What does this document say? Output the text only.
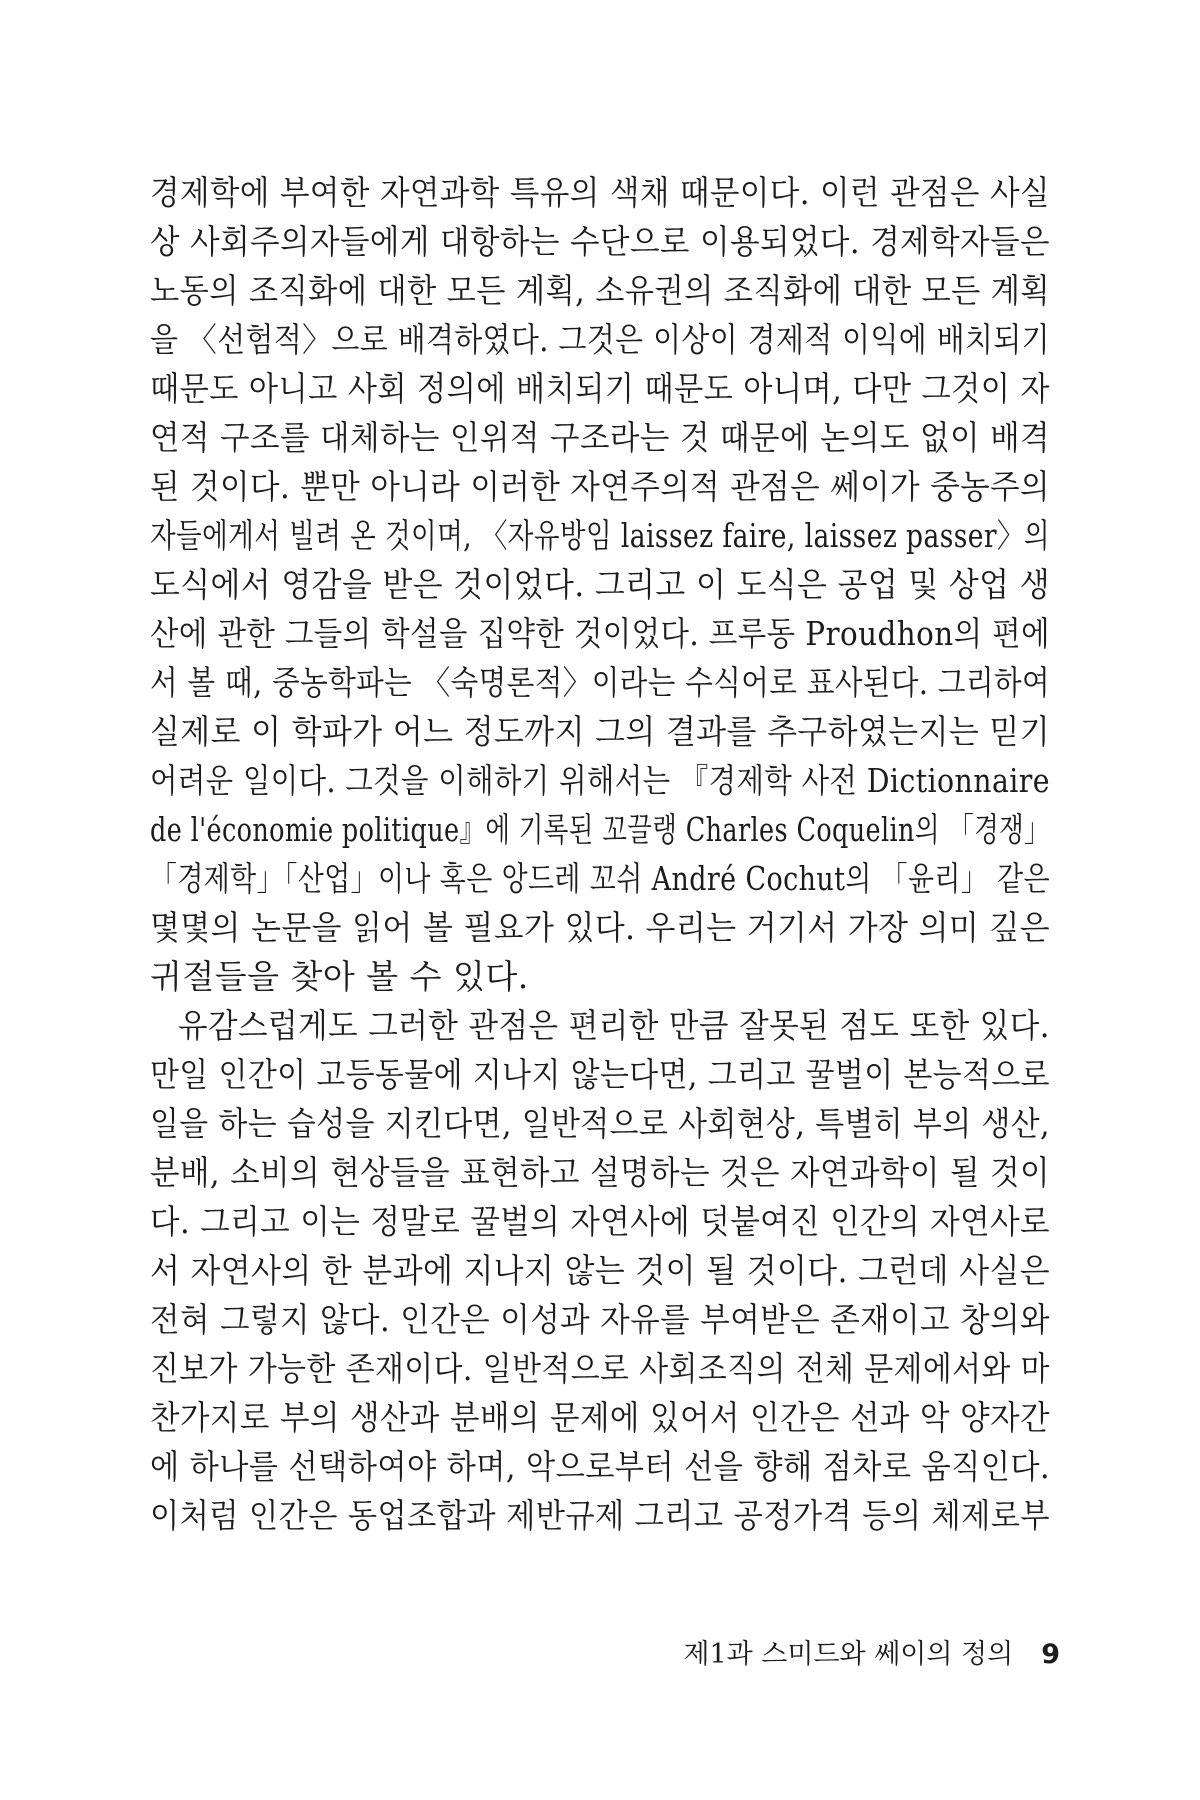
경제학에 부여한 자연과학 특유의 색채 때문이다. 이런 관점은 사실
상 사회주의자들에게 대항하는 수단으로 이용되었다. 경제학자들은
노동의 조직화에 대한 모든 계획, 소유권의 조직화에 대한 모든 계획
을 〈선험적〉으로 배격하였다. 그것은 이상이 경제적 이익에 배치되기
때문도 아니고 사회 정의에 배치되기 때문도 아니며, 다만 그것이 자
연적 구조를 대체하는 인위적 구조라는 것 때문에 논의도 없이 배격
된 것이다. 뿐만 아니라 이러한 자연주의적 관점은 쎄이가 중농주의
자들에게서 빌려 온 것이며, 〈자유방임 laissez faire, laissez passer〉의
도식에서 영감을 받은 것이었다. 그리고 이 도식은 공업 및 상업 생
산에 관한 그들의 학설을 집약한 것이었다. 프루동 Proudhon의 편에
서 볼 때, 중농학파는 〈숙명론적〉이라는 수식어로 표사된다. 그리하여
실제로 이 학파가 어느 정도까지 그의 결과를 추구하였는지는 믿기
어려운 일이다. 그것을 이해하기 위해서는 『경제학 사전 Dictionnaire
de l'économie politique』에 기록된 꼬끌랭 Charles Coquelin의 「경쟁」
「경제학」「산업」이나 혹은 앙드레 꼬쉬 André Cochut의 「윤리」 같은
몇몇의 논문을 읽어 볼 필요가 있다. 우리는 거기서 가장 의미 깊은
귀절들을 찾아 볼 수 있다.
유감스럽게도 그러한 관점은 편리한 만큼 잘못된 점도 또한 있다.
만일 인간이 고등동물에 지나지 않는다면, 그리고 꿀벌이 본능적으로
일을 하는 습성을 지킨다면, 일반적으로 사회현상, 특별히 부의 생산,
분배, 소비의 현상들을 표현하고 설명하는 것은 자연과학이 될 것이
다. 그리고 이는 정말로 꿀벌의 자연사에 덧붙여진 인간의 자연사로
서 자연사의 한 분과에 지나지 않는 것이 될 것이다. 그런데 사실은
전혀 그렇지 않다. 인간은 이성과 자유를 부여받은 존재이고 창의와
진보가 가능한 존재이다. 일반적으로 사회조직의 전체 문제에서와 마
찬가지로 부의 생산과 분배의 문제에 있어서 인간은 선과 악 양자간
에 하나를 선택하여야 하며, 악으로부터 선을 향해 점차로 움직인다.
이처럼 인간은 동업조합과 제반규제 그리고 공정가격 등의 체제로부
제1과 스미드와 쎄이의 정의 9
